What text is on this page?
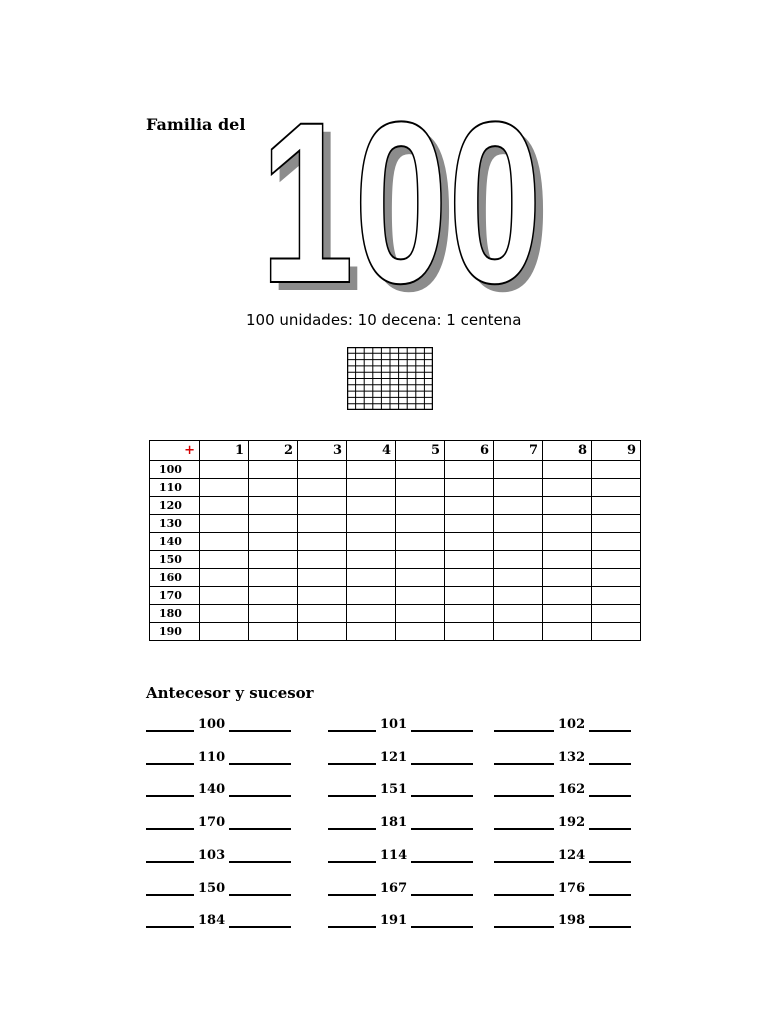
Familia del 100
100
100 unidades: 10 decena: 1 centena
+	1	2	3	4	5	6	7	8	9
100									
110									
120									
130									
140									
150									
160									
170									
180									
190									
Antecesor y sucesor
100	101	102
110	121	132
140	151	162
170	181	192
103	114	124
150	167	176
184	191	198
